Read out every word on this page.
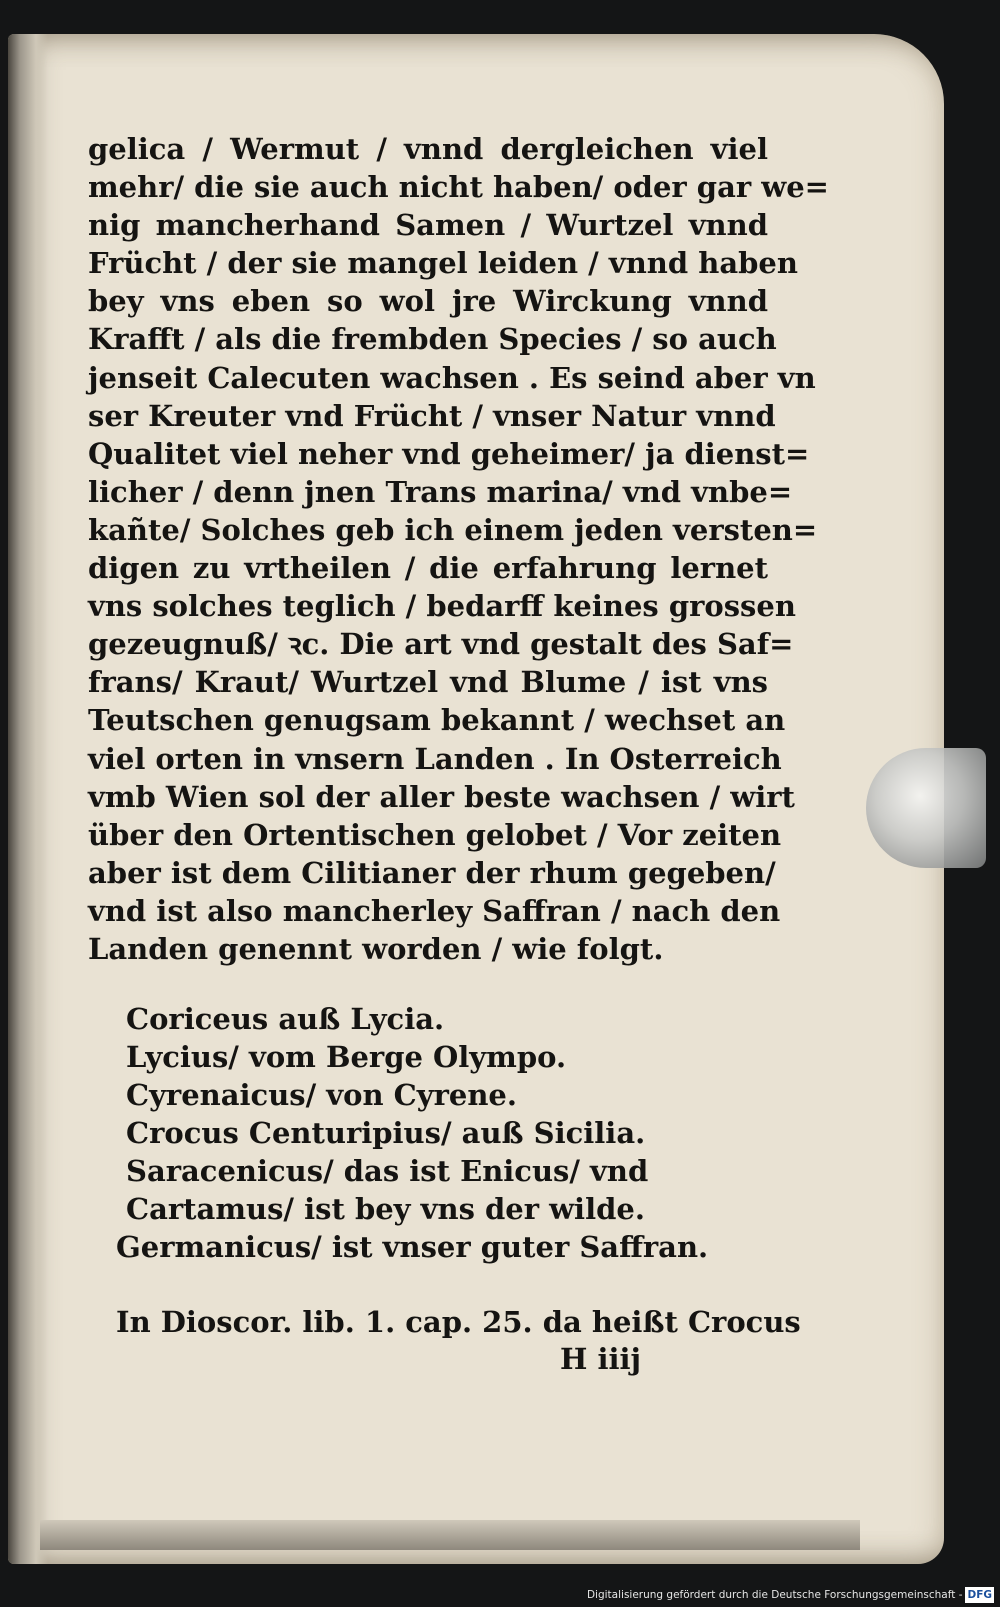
gelica / Wermut / vnnd dergleichen viel
mehr/ die sie auch nicht haben/ oder gar we=
nig mancherhand Samen / Wurtzel vnnd
Frücht / der sie mangel leiden / vnnd haben
bey vns eben so wol jre Wirckung vnnd
Krafft / als die frembden Species / so auch
jenseit Calecuten wachsen . Es seind aber vn
ser Kreuter vnd Frücht / vnser Natur vnnd
Qualitet viel neher vnd geheimer/ ja dienst=
licher / denn jnen Trans marina/ vnd vnbe=
kañte/ Solches geb ich einem jeden versten=
digen zu vrtheilen / die erfahrung lernet
vns solches teglich / bedarff keines grossen
gezeugnuß/ ꝛc. Die art vnd gestalt des Saf=
frans/ Kraut/ Wurtzel vnd Blume / ist vns
Teutschen genugsam bekannt / wechset an
viel orten in vnsern Landen . In Osterreich
vmb Wien sol der aller beste wachsen / wirt
über den Ortentischen gelobet / Vor zeiten
aber ist dem Cilitianer der rhum gegeben/
vnd ist also mancherley Saffran / nach den
Landen genennt worden / wie folgt.
Coriceus auß Lycia.
Lycius/ vom Berge Olympo.
Cyrenaicus/ von Cyrene.
Crocus Centuripius/ auß Sicilia.
Saracenicus/ das ist Enicus/ vnd
Cartamus/ ist bey vns der wilde.
Germanicus/ ist vnser guter Saffran.
In Dioscor. lib. 1. cap. 25. da heißt Crocus
H iiij
Digitalisierung gefördert durch die Deutsche Forschungsgemeinschaft - DFG
